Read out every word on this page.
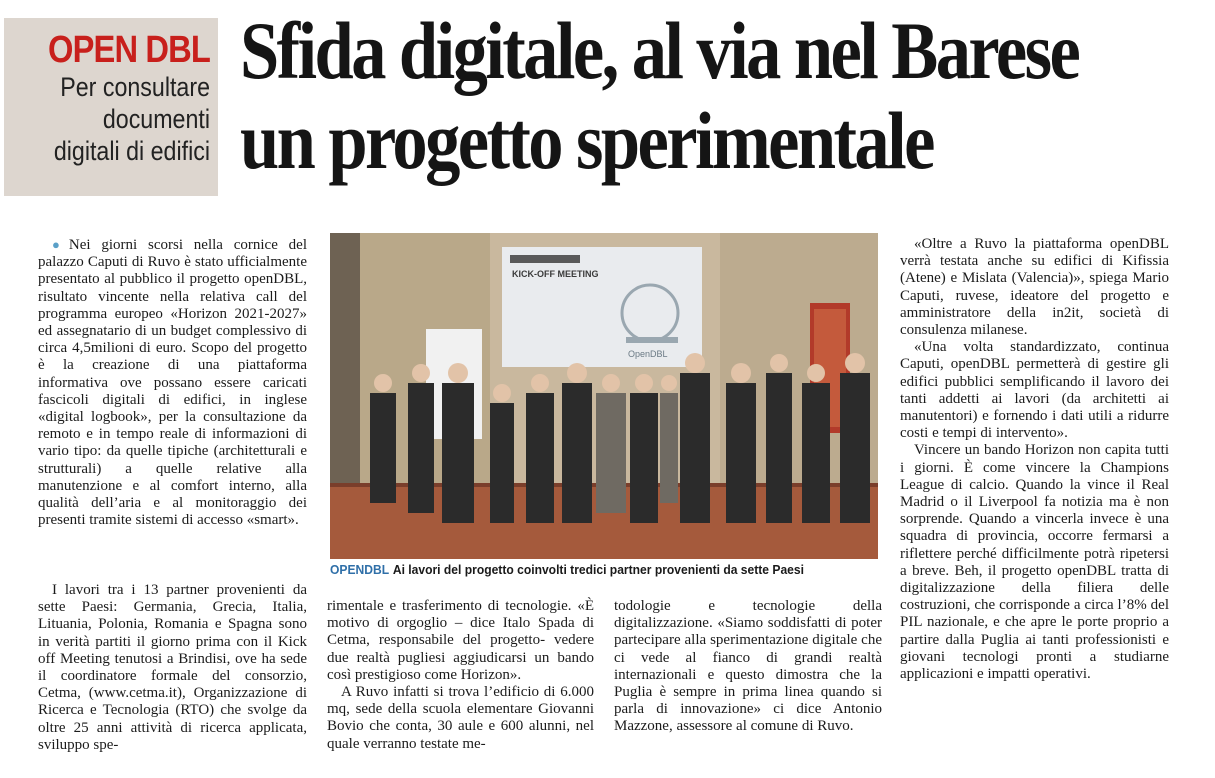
OPEN DBL
Per consultare
documenti
digitali di edifici
Sfida digitale, al via nel Barese
un progetto sperimentale

● Nei giorni scorsi nella cornice del palazzo Caputi di Ruvo è stato ufficialmente presentato al pubblico il progetto openDBL, risultato vincente nella relativa call del programma europeo «Horizon 2021-2027» ed assegnatario di un budget complessivo di circa 4,5milioni di euro. Scopo del progetto è la creazione di una piattaforma informativa ove possano essere caricati fascicoli digitali di edifici, in inglese «digital logbook», per la consultazione da remoto e in tempo reale di informazioni di vario tipo: da quelle tipiche (architetturali e strutturali) a quelle relative alla manutenzione e al comfort interno, alla qualità dell’aria e al monitoraggio dei presenti tramite sistemi di accesso «smart».

I lavori tra i 13 partner provenienti da sette Paesi: Germania, Grecia, Italia, Lituania, Polonia, Romania e Spagna sono in verità partiti il giorno prima con il Kick off Meeting tenutosi a Brindisi, ove ha sede il coordinatore formale del consorzio, Cetma, (www.cetma.it), Organizzazione di Ricerca e Tecnologia (RTO) che svolge da oltre 25 anni attività di ricerca applicata, sviluppo spe-

KICK-OFF MEETING
OpenDBL
OPENDBL Ai lavori del progetto coinvolti tredici partner provenienti da sette Paesi

rimentale e trasferimento di tecnologie. «È motivo di orgoglio – dice Italo Spada di Cetma, responsabile del progetto- vedere due realtà pugliesi aggiudicarsi un bando così prestigioso come Horizon».

A Ruvo infatti si trova l’edificio di 6.000 mq, sede della scuola elementare Giovanni Bovio che conta, 30 aule e 600 alunni, nel quale verranno testate me-

todologie e tecnologie della digitalizzazione. «Siamo soddisfatti di poter partecipare alla sperimentazione digitale che ci vede al fianco di grandi realtà internazionali e questo dimostra che la Puglia è sempre in prima linea quando si parla di innovazione» ci dice Antonio Mazzone, assessore al comune di Ruvo.

«Oltre a Ruvo la piattaforma openDBL verrà testata anche su edifici di Kifissia (Atene) e Mislata (Valencia)», spiega Mario Caputi, ruvese, ideatore del progetto e amministratore della in2it, società di consulenza milanese.

«Una volta standardizzato, continua Caputi, openDBL permetterà di gestire gli edifici pubblici semplificando il lavoro dei tanti addetti ai lavori (da architetti ai manutentori) e fornendo i dati utili a ridurre costi e tempi di intervento».

Vincere un bando Horizon non capita tutti i giorni. È come vincere la Champions League di calcio. Quando la vince il Real Madrid o il Liverpool fa notizia ma è non sorprende. Quando a vincerla invece è una squadra di provincia, occorre fermarsi a riflettere perché difficilmente potrà ripetersi a breve. Beh, il progetto openDBL tratta di digitalizzazione della filiera delle costruzioni, che corrisponde a circa l’8% del PIL nazionale, e che apre le porte proprio a partire dalla Puglia ai tanti professionisti e giovani tecnologi pronti a studiarne applicazioni e impatti operativi.
